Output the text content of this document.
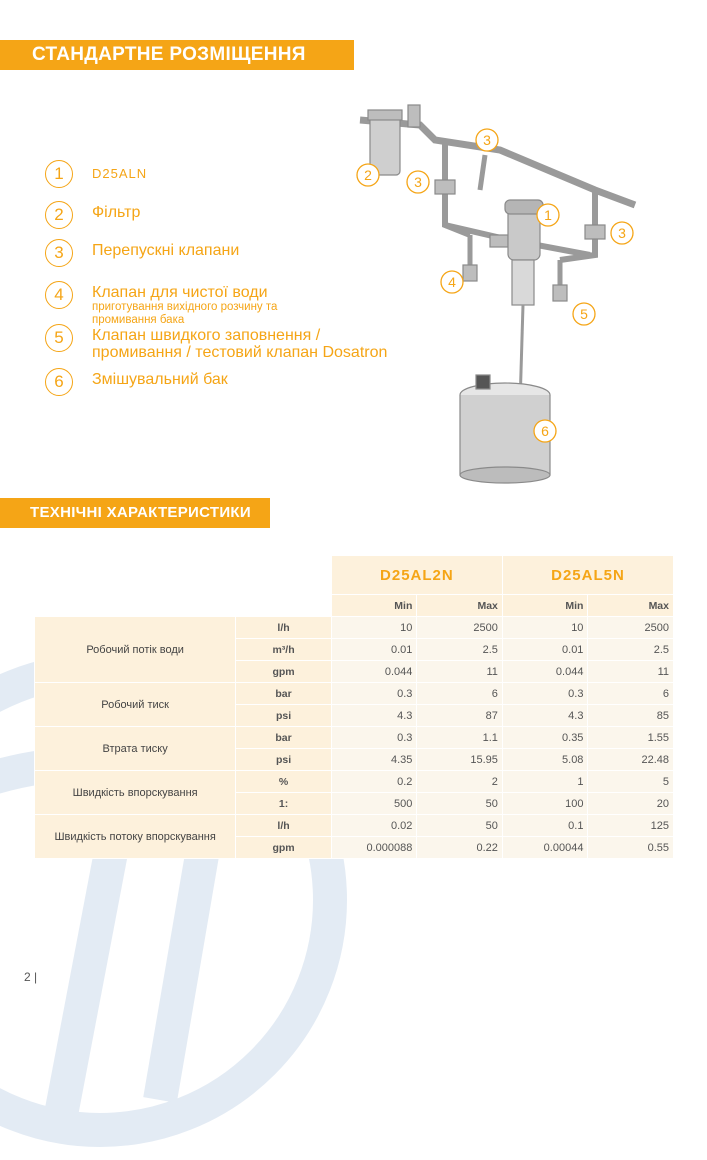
СТАНДАРТНЕ РОЗМІЩЕННЯ
1	D25ALN
2	Фільтр
3	Перепускні клапани
4	Клапан для чистої води
приготування вихідного розчину та промивання бака
5	Клапан швидкого заповнення / промивання / тестовий клапан Dosatron
6	Змішувальний бак
1
2
3
3
3
4
5
6
ТЕХНІЧНІ ХАРАКТЕРИСТИКИ
		D25AL2N		D25AL5N	
		Min	Max	Min	Max
Робочий потік води	l/h	10	2500	10	2500
	m³/h	0.01	2.5	0.01	2.5
	gpm	0.044	11	0.044	11
Робочий тиск	bar	0.3	6	0.3	6
	psi	4.3	87	4.3	85
Втрата тиску	bar	0.3	1.1	0.35	1.55
	psi	4.35	15.95	5.08	22.48
Швидкість впорскування	%	0.2	2	1	5
	1:	500	50	100	20
Швидкість потоку впорскування	l/h	0.02	50	0.1	125
	gpm	0.000088	0.22	0.00044	0.55
2 |
